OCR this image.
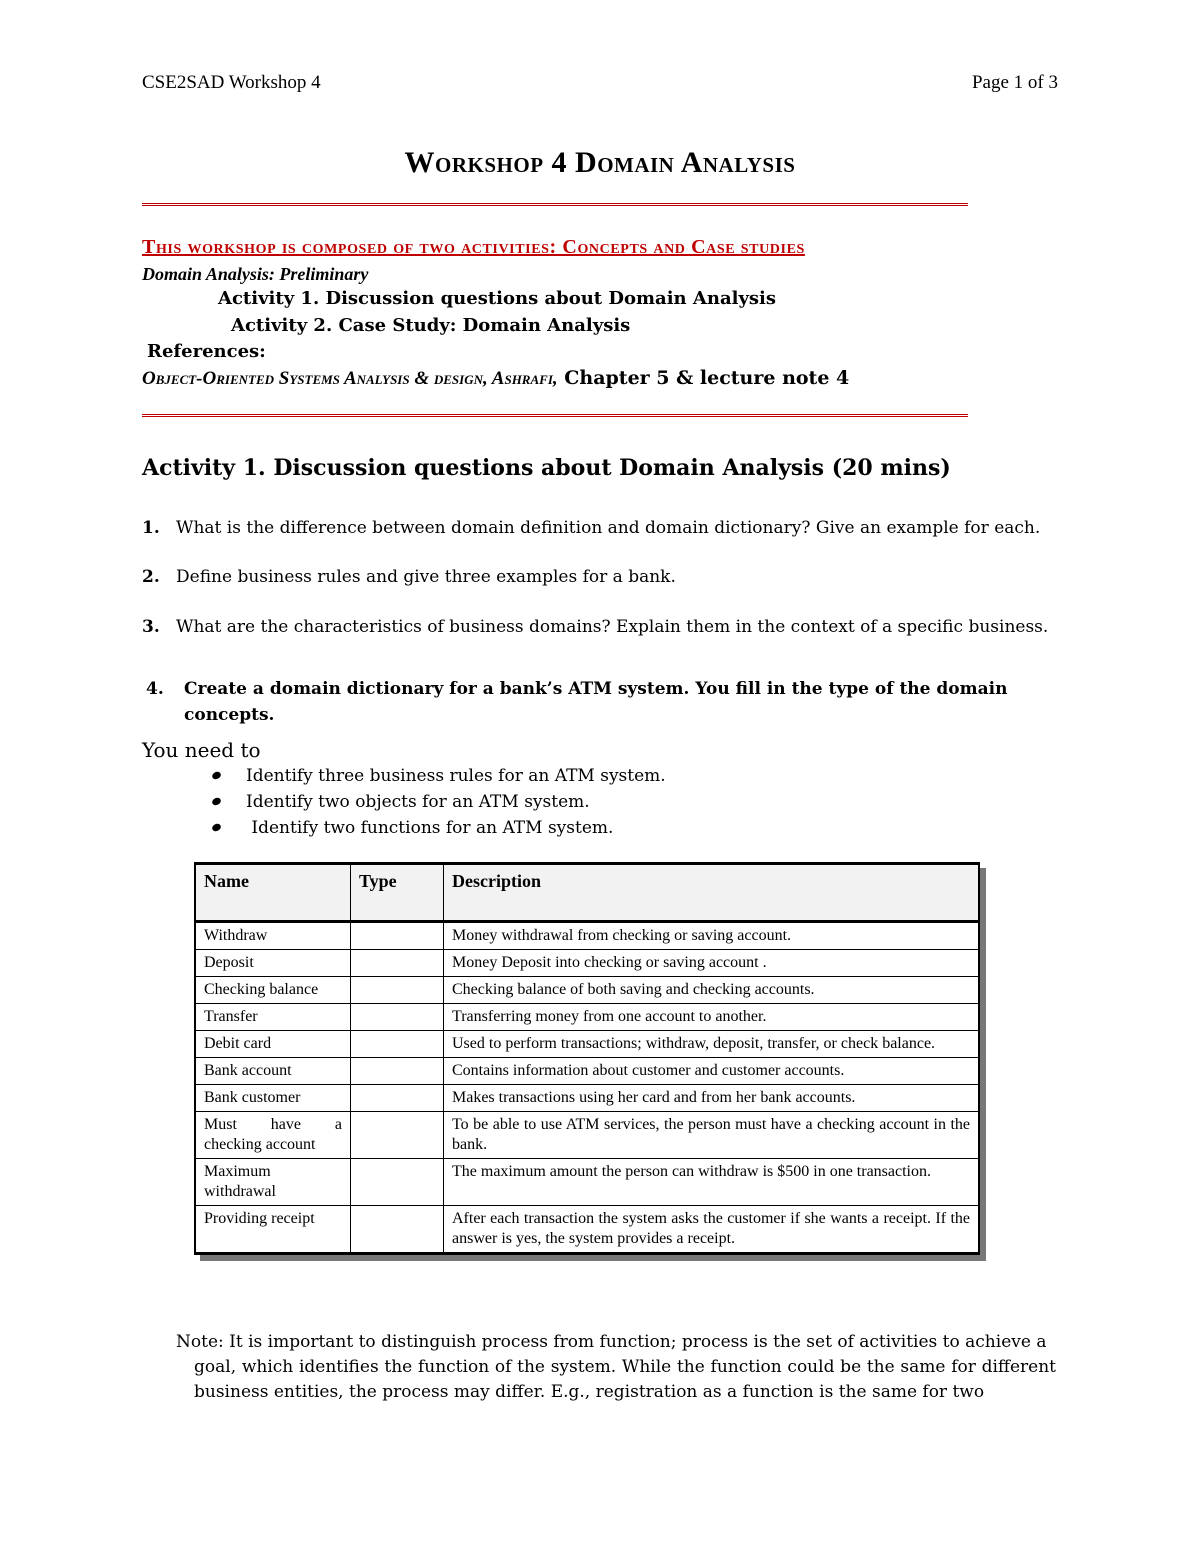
CSE2SAD Workshop 4	Page 1 of 3
Workshop 4 Domain Analysis
This workshop is composed of two activities: Concepts and Case studies
Domain Analysis: Preliminary
Activity 1. Discussion questions about Domain Analysis
Activity 2. Case Study: Domain Analysis
References:
Object-Oriented Systems Analysis & design, Ashrafi, Chapter 5 & lecture note 4
Activity 1. Discussion questions about Domain Analysis (20 mins)
1. What is the difference between domain definition and domain dictionary? Give an example for each.
2. Define business rules and give three examples for a bank.
3. What are the characteristics of business domains? Explain them in the context of a specific business.
4. Create a domain dictionary for a bank’s ATM system. You fill in the type of the domain
concepts.
You need to
Identify three business rules for an ATM system.
Identify two objects for an ATM system.
Identify two functions for an ATM system.
Name	Type	Description
Withdraw		Money withdrawal from checking or saving account.
Deposit		Money Deposit into checking or saving account .
Checking balance		Checking balance of both saving and checking accounts.
Transfer		Transferring money from one account to another.
Debit card		Used to perform transactions; withdraw, deposit, transfer, or check balance.
Bank account		Contains information about customer and customer accounts.
Bank customer		Makes transactions using her card and from her bank accounts.
Must have a checking account		To be able to use ATM services, the person must have a checking account in the bank.
Maximum withdrawal		The maximum amount the person can withdraw is $500 in one transaction.
Providing receipt		After each transaction the system asks the customer if she wants a receipt. If the answer is yes, the system provides a receipt.
Note: It is important to distinguish process from function; process is the set of activities to achieve a
goal, which identifies the function of the system. While the function could be the same for different business entities, the process may differ. E.g., registration as a function is the same for two
